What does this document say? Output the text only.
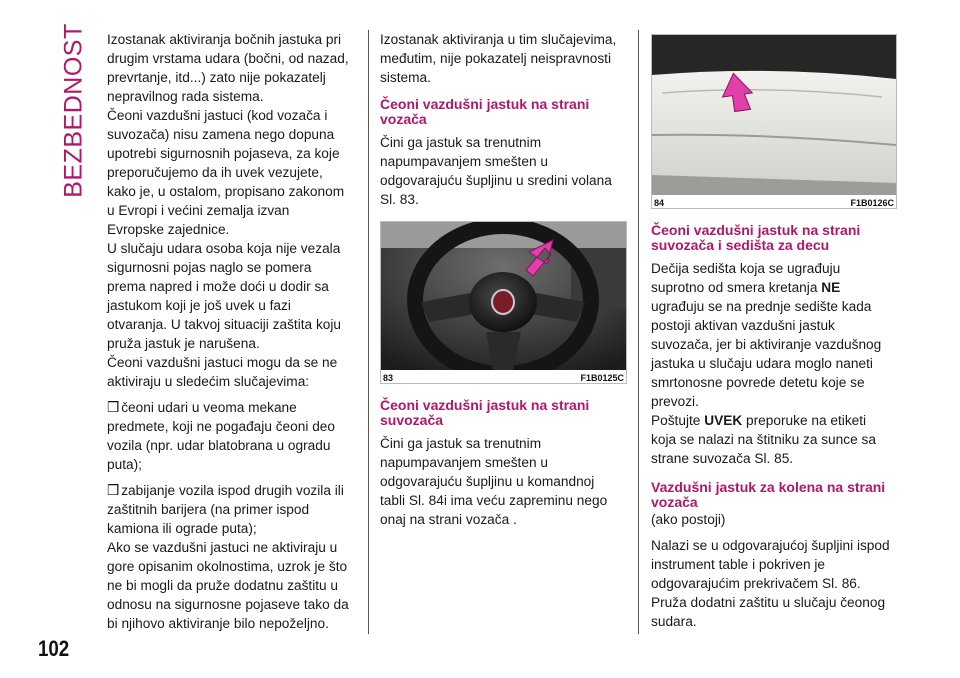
BEZBEDNOST
102

Izostanak aktiviranja bočnih jastuka pri drugim vrstama udara (bočni, od nazad, prevrtanje, itd...) zato nije pokazatelj nepravilnog rada sistema.

Čeoni vazdušni jastuci (kod vozača i suvozača) nisu zamena nego dopuna upotrebi sigurnosnih pojaseva, za koje preporučujemo da ih uvek vezujete, kako je, u ostalom, propisano zakonom u Evropi i većini zemalja izvan Evropske zajednice.

U slučaju udara osoba koja nije vezala sigurnosni pojas naglo se pomera prema napred i može doći u dodir sa jastukom koji je još uvek u fazi otvaranja. U takvoj situaciji zaštita koju pruža jastuk je narušena.

Čeoni vazdušni jastuci mogu da se ne aktiviraju u sledećim slučajevima:

❒ čeoni udari u veoma mekane predmete, koji ne pogađaju čeoni deo vozila (npr. udar blatobrana u ogradu puta);

❒ zabijanje vozila ispod drugih vozila ili zaštitnih barijera (na primer ispod kamiona ili ograde puta);

Ako se vazdušni jastuci ne aktiviraju u gore opisanim okolnostima, uzrok je što ne bi mogli da pruže dodatnu zaštitu u odnosu na sigurnosne pojaseve tako da bi njihovo aktiviranje bilo nepoželjno.

Izostanak aktiviranja u tim slučajevima, međutim, nije pokazatelj neispravnosti sistema.

Čeoni vazdušni jastuk na strani vozača

Čini ga jastuk sa trenutnim napumpavanjem smešten u odgovarajuću šupljinu u sredini volana Sl. 83.

83	F1B0125C
Čeoni vazdušni jastuk na strani suvozača

Čini ga jastuk sa trenutnim napumpavanjem smešten u odgovarajuću šupljinu u komandnoj tabli Sl. 84i ima veću zapreminu nego onaj na strani vozača .

84	F1B0126C
Čeoni vazdušni jastuk na strani suvozača i sedišta za decu

Dečija sedišta koja se ugrađuju suprotno od smera kretanja NE ugrađuju se na prednje sedište kada postoji aktivan vazdušni jastuk suvozača, jer bi aktiviranje vazdušnog jastuka u slučaju udara moglo naneti smrtonosne povrede detetu koje se prevozi.

Poštujte UVEK preporuke na etiketi koja se nalazi na štitniku za sunce sa strane suvozača Sl. 85.

Vazdušni jastuk za kolena na strani vozača

(ako postoji)

Nalazi se u odgovarajućoj šupljini ispod instrument table i pokriven je odgovarajućim prekrivačem Sl. 86. Pruža dodatni zaštitu u slučaju čeonog sudara.
